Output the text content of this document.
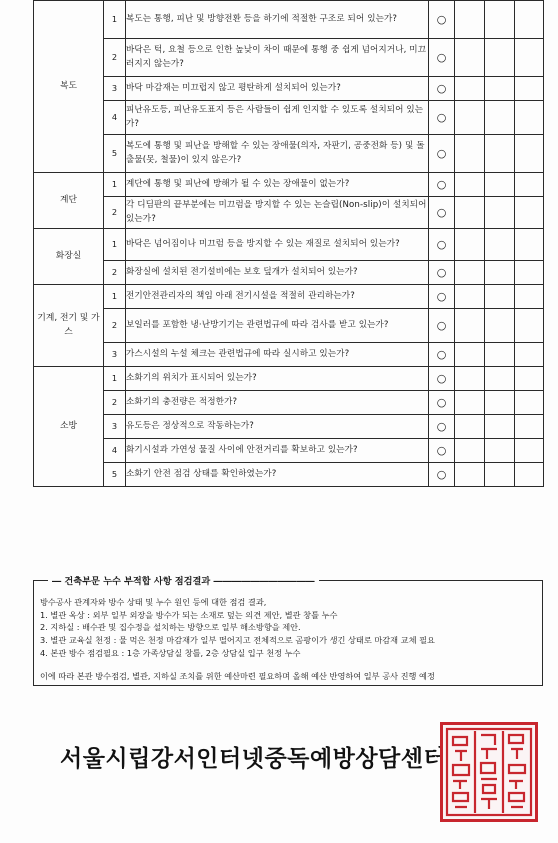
복도	1	복도는 통행, 피난 및 방향전환 등을 하기에 적절한 구조로 되어 있는가?	○			
	2	바닥은 턱, 요철 등으로 인한 높낮이 차이 때문에 통행 중 쉽게 넘어지거나, 미끄러지지 않는가?	○			
	3	바닥 마감재는 미끄럽지 않고 평탄하게 설치되어 있는가?	○			
	4	피난유도등, 피난유도표지 등은 사람들이 쉽게 인지할 수 있도록 설치되어 있는가?	○			
	5	복도에 통행 및 피난을 방해할 수 있는 장애물(의자, 자판기, 공중전화 등) 및 돌출물(못, 철물)이 있지 않은가?	○			
계단	1	계단에 통행 및 피난에 방해가 될 수 있는 장애물이 없는가?	○			
	2	각 디딤판의 끝부분에는 미끄럼을 방지할 수 있는 논슬립(Non-slip)이 설치되어 있는가?	○			
화장실	1	바닥은 넘어짐이나 미끄럼 등을 방지할 수 있는 재질로 설치되어 있는가?	○			
	2	화장실에 설치된 전기설비에는 보호 덮개가 설치되어 있는가?	○			
기계, 전기 및 가스	1	전기안전관리자의 책임 아래 전기시설을 적절히 관리하는가?	○			
	2	보일러를 포함한 냉·난방기기는 관련법규에 따라 검사를 받고 있는가?	○			
	3	가스시설의 누설 체크는 관련법규에 따라 실시하고 있는가?	○			
소방	1	소화기의 위치가 표시되어 있는가?	○			
	2	소화기의 충전량은 적정한가?	○			
	3	유도등은 정상적으로 작동하는가?	○			
	4	화기시설과 가연성 물질 사이에 안전거리를 확보하고 있는가?	○			
	5	소화기 안전 점검 상태를 확인하였는가?	○			
― 건축부문 누수 부적합 사항 점검결과 ―――――――――――
방수공사 관계자와 방수 상태 및 누수 원인 등에 대한 점검 결과,
1. 별관 옥상 : 외부 일부 외장을 방수가 되는 소재로 덮는 의견 제안, 별관 창틀 누수
2. 지하실 : 배수관 및 집수정을 설치하는 방향으로 일부 해소방향을 제안.
3. 별관 교육실 천정 : 물 먹은 천정 마감재가 일부 떨어지고 전체적으로 곰팡이가 생긴 상태로 마감재 교체 필요
4. 본관 방수 점검필요 : 1층 가족상담실 창틀, 2층 상담실 입구 천정 누수
이에 따라 본관 방수점검, 별관, 지하실 조치를 위한 예산마련 필요하며 올해 예산 반영하여 일부 공사 진행 예정
서울시립강서인터넷중독예방상담센터
